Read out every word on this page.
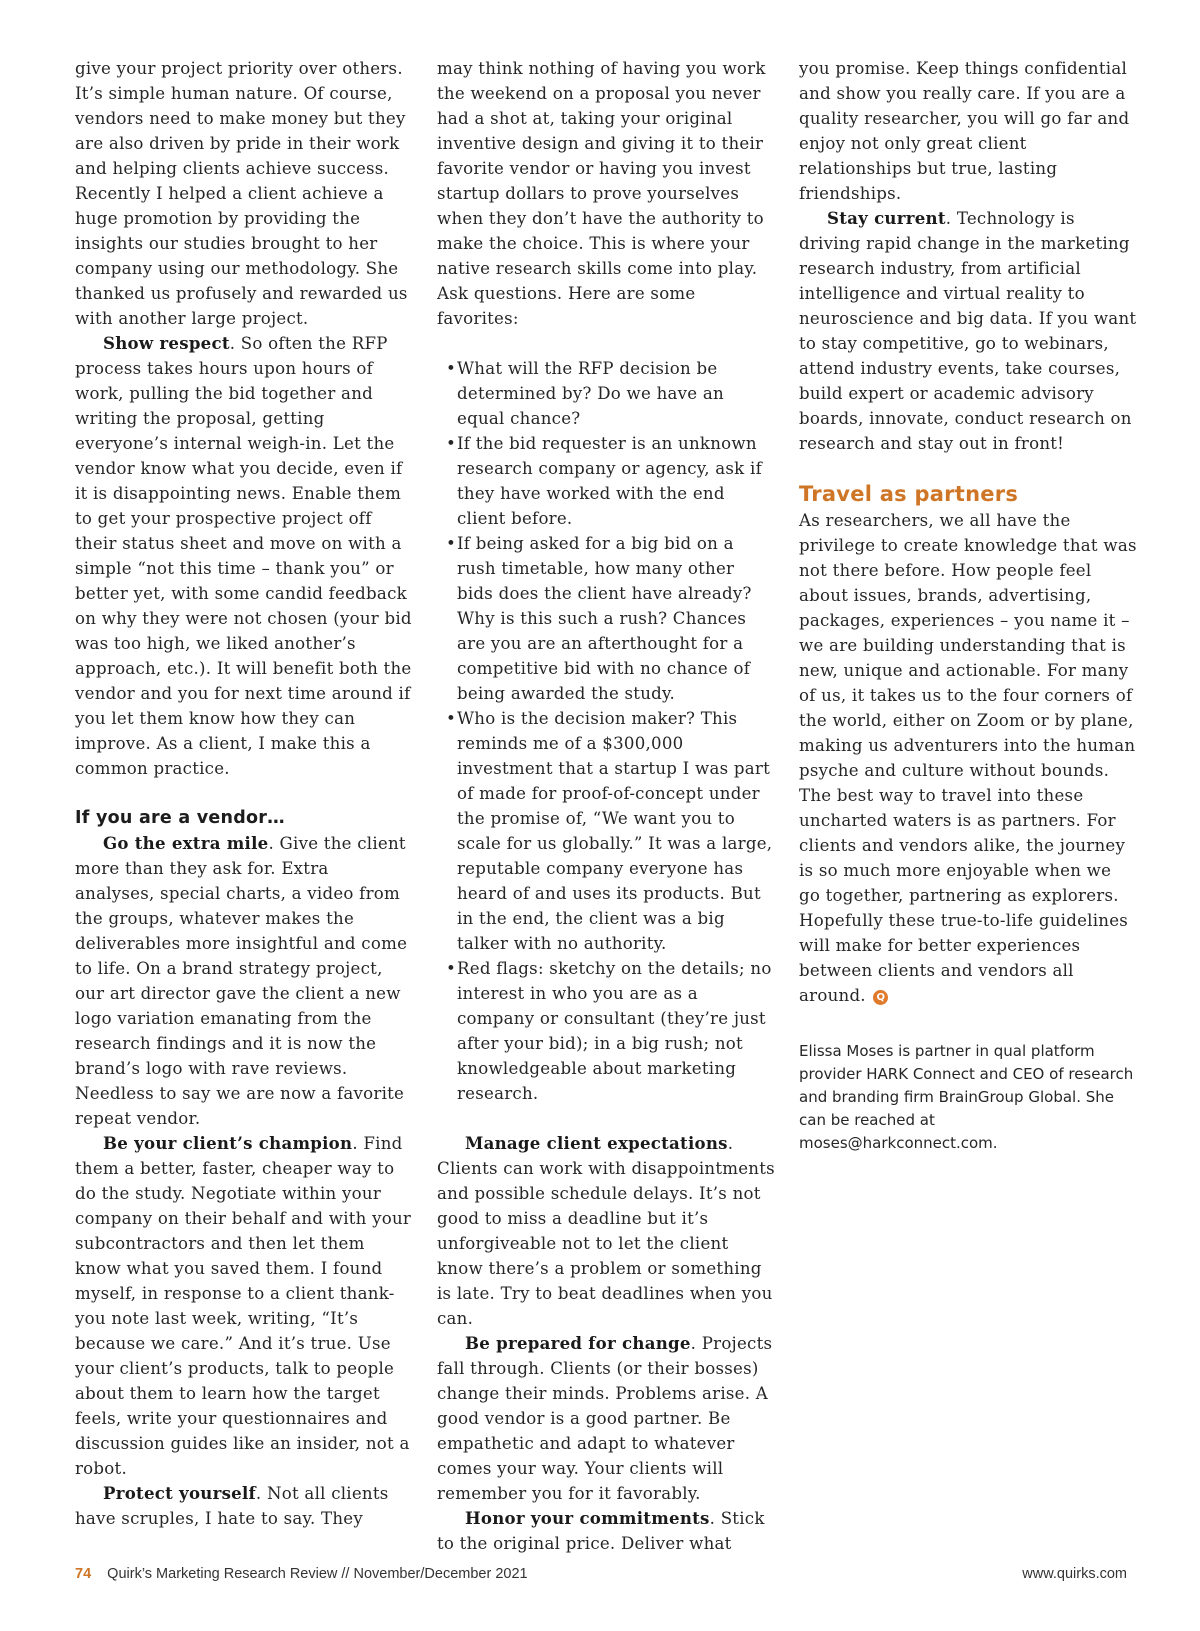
give your project priority over others. It’s simple human nature. Of course, vendors need to make money but they are also driven by pride in their work and helping clients achieve success. Recently I helped a client achieve a huge promotion by providing the insights our studies brought to her company using our methodology. She thanked us profusely and rewarded us with another large project.

Show respect. So often the RFP process takes hours upon hours of work, pulling the bid together and writing the proposal, getting everyone’s internal weigh-in. Let the vendor know what you decide, even if it is disappointing news. Enable them to get your prospective project off their status sheet and move on with a simple “not this time – thank you” or better yet, with some candid feedback on why they were not chosen (your bid was too high, we liked another’s approach, etc.). It will benefit both the vendor and you for next time around if you let them know how they can improve. As a client, I make this a common practice.

If you are a vendor…

Go the extra mile. Give the client more than they ask for. Extra analyses, special charts, a video from the groups, whatever makes the deliverables more insightful and come to life. On a brand strategy project, our art director gave the client a new logo variation emanating from the research findings and it is now the brand’s logo with rave reviews. Needless to say we are now a favorite repeat vendor.

Be your client’s champion. Find them a better, faster, cheaper way to do the study. Negotiate within your company on their behalf and with your subcontractors and then let them know what you saved them. I found myself, in response to a client thank-you note last week, writing, “It’s because we care.” And it’s true. Use your client’s products, talk to people about them to learn how the target feels, write your questionnaires and discussion guides like an insider, not a robot.

Protect yourself. Not all clients have scruples, I hate to say. They

may think nothing of having you work the weekend on a proposal you never had a shot at, taking your original inventive design and giving it to their favorite vendor or having you invest startup dollars to prove yourselves when they don’t have the authority to make the choice. This is where your native research skills come into play. Ask questions. Here are some favorites:

• What will the RFP decision be determined by? Do we have an equal chance?
• If the bid requester is an unknown research company or agency, ask if they have worked with the end client before.
• If being asked for a big bid on a rush timetable, how many other bids does the client have already? Why is this such a rush? Chances are you are an afterthought for a competitive bid with no chance of being awarded the study.
• Who is the decision maker? This reminds me of a $300,000 investment that a startup I was part of made for proof-of-concept under the promise of, “We want you to scale for us globally.” It was a large, reputable company everyone has heard of and uses its products. But in the end, the client was a big talker with no authority.
• Red flags: sketchy on the details; no interest in who you are as a company or consultant (they’re just after your bid); in a big rush; not knowledgeable about marketing research.

Manage client expectations. Clients can work with disappointments and possible schedule delays. It’s not good to miss a deadline but it’s unforgiveable not to let the client know there’s a problem or something is late. Try to beat deadlines when you can.

Be prepared for change. Projects fall through. Clients (or their bosses) change their minds. Problems arise. A good vendor is a good partner. Be empathetic and adapt to whatever comes your way. Your clients will remember you for it favorably.

Honor your commitments. Stick to the original price. Deliver what

you promise. Keep things confidential and show you really care. If you are a quality researcher, you will go far and enjoy not only great client relationships but true, lasting friendships.

Stay current. Technology is driving rapid change in the marketing research industry, from artificial intelligence and virtual reality to neuroscience and big data. If you want to stay competitive, go to webinars, attend industry events, take courses, build expert or academic advisory boards, innovate, conduct research on research and stay out in front!

Travel as partners

As researchers, we all have the privilege to create knowledge that was not there before. How people feel about issues, brands, advertising, packages, experiences – you name it – we are building understanding that is new, unique and actionable. For many of us, it takes us to the four corners of the world, either on Zoom or by plane, making us adventurers into the human psyche and culture without bounds. The best way to travel into these uncharted waters is as partners. For clients and vendors alike, the journey is so much more enjoyable when we go together, partnering as explorers. Hopefully these true-to-life guidelines will make for better experiences between clients and vendors all around. Q

Elissa Moses is partner in qual platform provider HARK Connect and CEO of research and branding firm BrainGroup Global. She can be reached at moses@harkconnect.com.
74 Quirk’s Marketing Research Review // November/December 2021	www.quirks.com
